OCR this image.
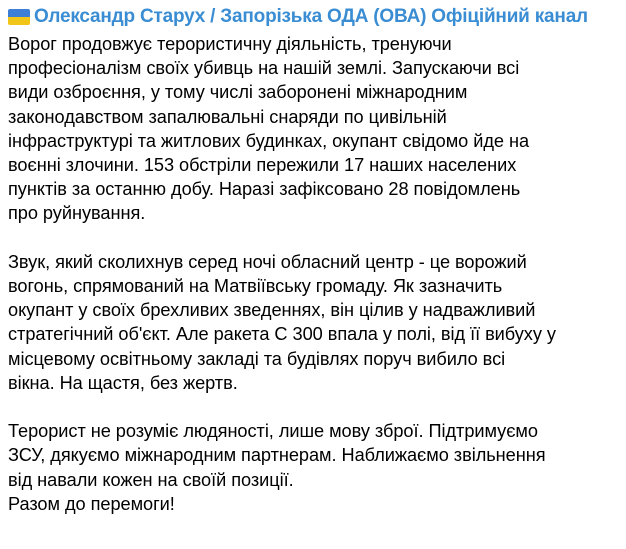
Олександр Старух / Запорізька ОДА (ОВА) Офіційний канал

Ворог продовжує терористичну діяльність, тренуючи
професіоналізм своїх убивць на нашій землі. Запускаючи всі
види озброєння, у тому числі заборонені міжнародним
законодавством запалювальні снаряди по цивільній
інфраструктурі та житлових будинках, окупант свідомо йде на
воєнні злочини. 153 обстріли пережили 17 наших населених
пунктів за останню добу. Наразі зафіксовано 28 повідомлень
про руйнування.

Звук, який сколихнув серед ночі обласний центр - це ворожий
вогонь, спрямований на Матвіївську громаду. Як зазначить
окупант у своїх брехливих зведеннях, він цілив у надважливий
стратегічний об'єкт. Але ракета С 300 впала у полі, від її вибуху у
місцевому освітньому закладі та будівлях поруч вибило всі
вікна. На щастя, без жертв.

Терорист не розуміє людяності, лише мову зброї. Підтримуємо
ЗСУ, дякуємо міжнародним партнерам. Наближаємо звільнення
від навали кожен на своїй позиції.
Разом до перемоги!
